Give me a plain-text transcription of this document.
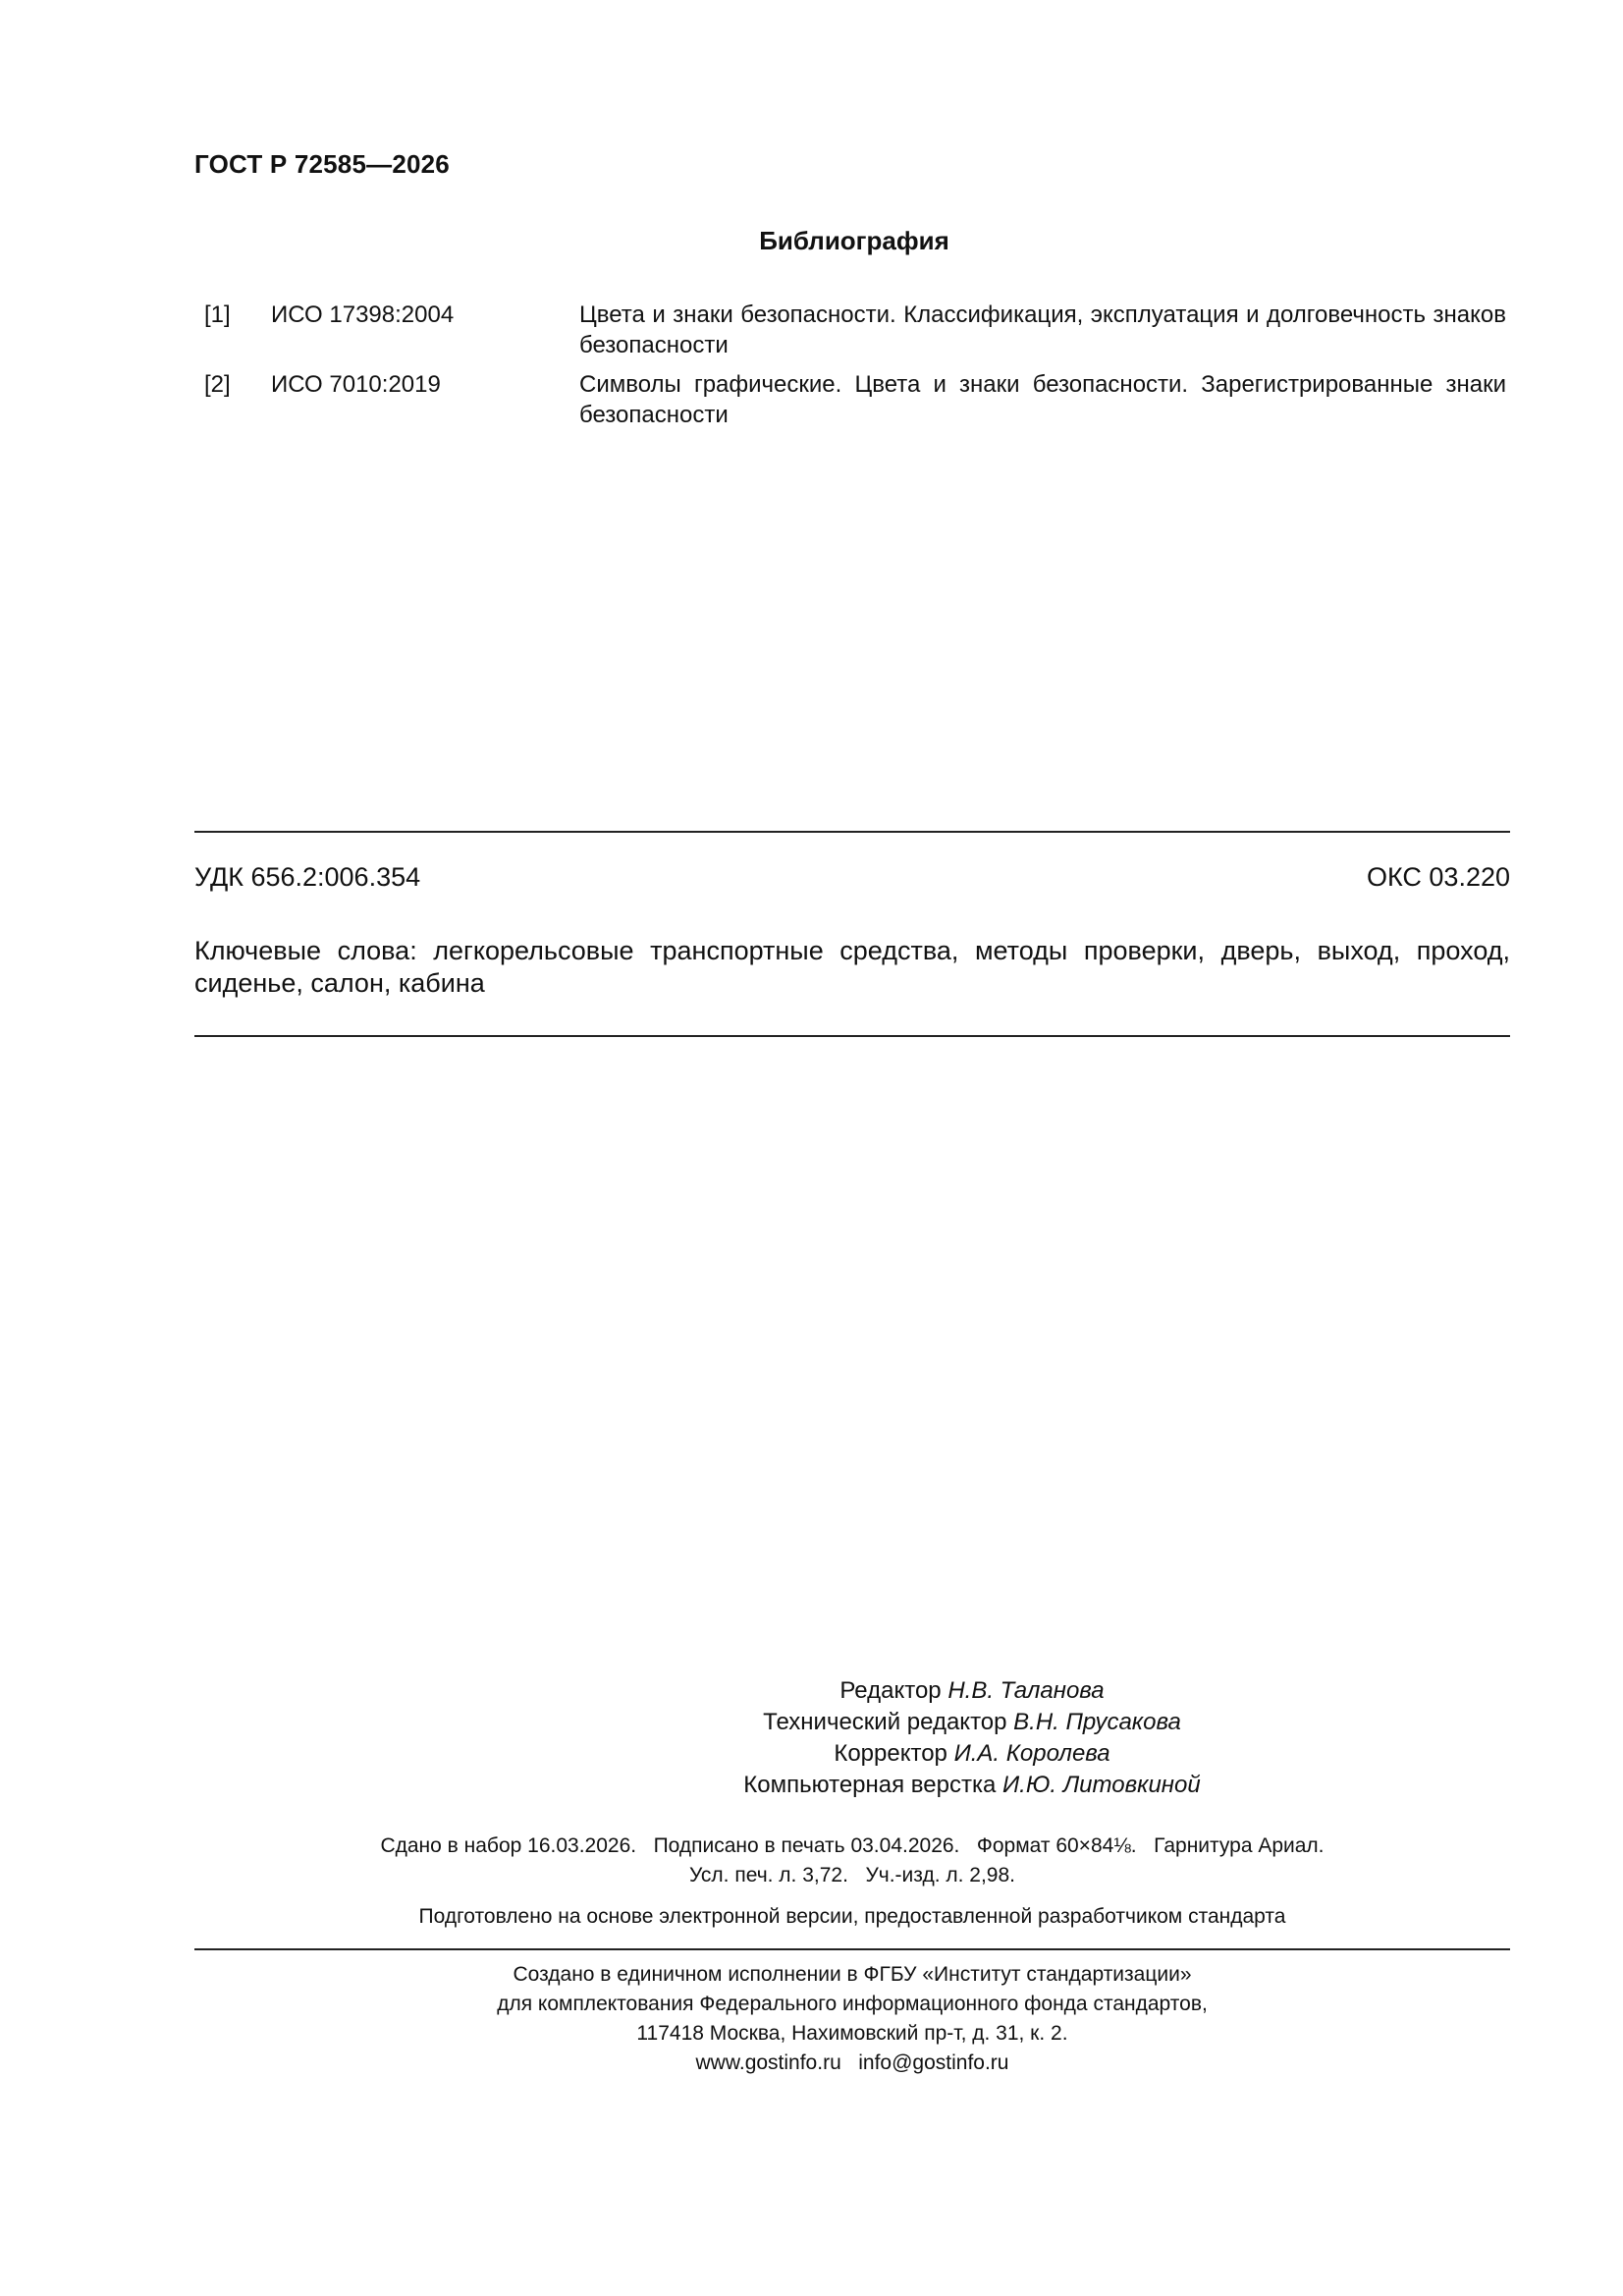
ГОСТ Р 72585—2026
Библиография
[1] ИСО 17398:2004	Цвета и знаки безопасности. Классификация, эксплуатация и долговечность знаков безопасности
[2] ИСО 7010:2019	Символы графические. Цвета и знаки безопасности. Зарегистрированные знаки безопасности
УДК 656.2:006.354	ОКС 03.220
Ключевые слова: легкорельсовые транспортные средства, методы проверки, дверь, выход, проход, сиденье, салон, кабина
Редактор Н.В. Таланова
Технический редактор В.Н. Прусакова
Корректор И.А. Королева
Компьютерная верстка И.Ю. Литовкиной
Сдано в набор 16.03.2026.   Подписано в печать 03.04.2026.   Формат 60×84⅛.   Гарнитура Ариал.
Усл. печ. л. 3,72.   Уч.-изд. л. 2,98.
Подготовлено на основе электронной версии, предоставленной разработчиком стандарта
Создано в единичном исполнении в ФГБУ «Институт стандартизации»
для комплектования Федерального информационного фонда стандартов,
117418 Москва, Нахимовский пр-т, д. 31, к. 2.
www.gostinfo.ru   info@gostinfo.ru
